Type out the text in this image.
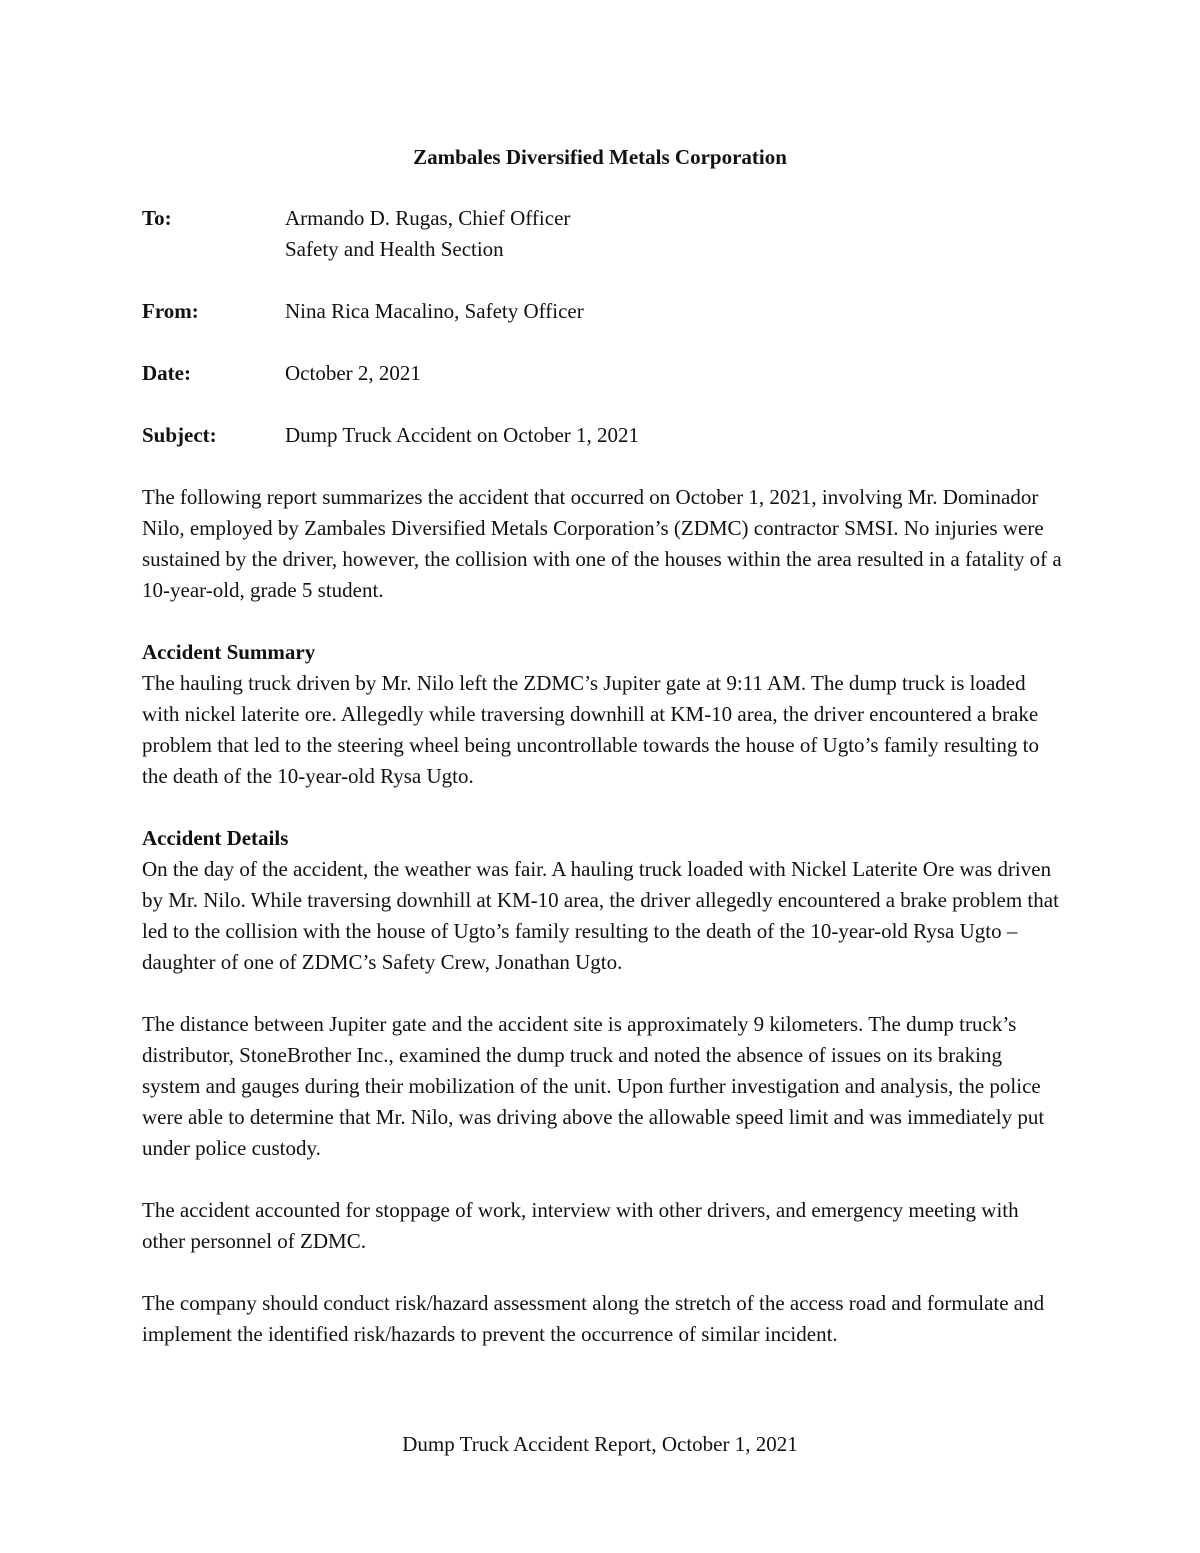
Zambales Diversified Metals Corporation
To:	Armando D. Rugas, Chief Officer
Safety and Health Section
From:	Nina Rica Macalino, Safety Officer
Date:	October 2, 2021
Subject:	Dump Truck Accident on October 1, 2021

The following report summarizes the accident that occurred on October 1, 2021, involving Mr. Dominador Nilo, employed by Zambales Diversified Metals Corporation’s (ZDMC) contractor SMSI. No injuries were sustained by the driver, however, the collision with one of the houses within the area resulted in a fatality of a 10-year-old, grade 5 student.

Accident Summary

The hauling truck driven by Mr. Nilo left the ZDMC’s Jupiter gate at 9:11 AM. The dump truck is loaded with nickel laterite ore. Allegedly while traversing downhill at KM-10 area, the driver encountered a brake problem that led to the steering wheel being uncontrollable towards the house of Ugto’s family resulting to the death of the 10-year-old Rysa Ugto.

Accident Details

On the day of the accident, the weather was fair. A hauling truck loaded with Nickel Laterite Ore was driven by Mr. Nilo. While traversing downhill at KM-10 area, the driver allegedly encountered a brake problem that led to the collision with the house of Ugto’s family resulting to the death of the 10-year-old Rysa Ugto – daughter of one of ZDMC’s Safety Crew, Jonathan Ugto.

The distance between Jupiter gate and the accident site is approximately 9 kilometers. The dump truck’s distributor, StoneBrother Inc., examined the dump truck and noted the absence of issues on its braking system and gauges during their mobilization of the unit. Upon further investigation and analysis, the police were able to determine that Mr. Nilo, was driving above the allowable speed limit and was immediately put under police custody.

The accident accounted for stoppage of work, interview with other drivers, and emergency meeting with other personnel of ZDMC.

The company should conduct risk/hazard assessment along the stretch of the access road and formulate and implement the identified risk/hazards to prevent the occurrence of similar incident.

Dump Truck Accident Report, October 1, 2021
